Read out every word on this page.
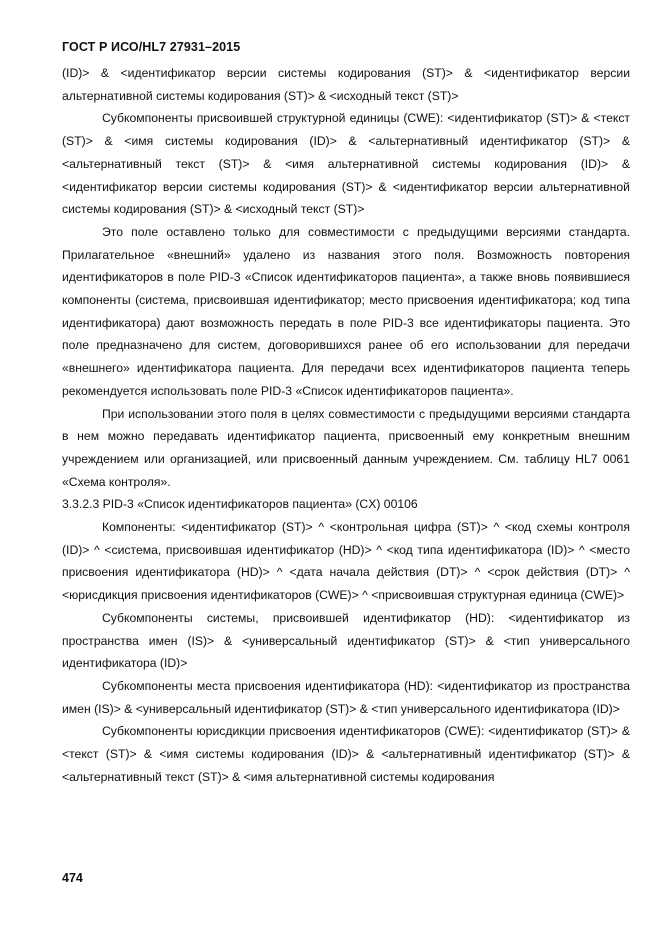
ГОСТ Р ИСО/HL7 27931–2015

(ID)> & <идентификатор версии системы кодирования (ST)> & <идентификатор версии альтернативной системы кодирования (ST)> & <исходный текст (ST)>

Субкомпоненты присвоившей структурной единицы (CWE): <идентификатор (ST)> & <текст (ST)> & <имя системы кодирования (ID)> & <альтернативный идентификатор (ST)> & <альтернативный текст (ST)> & <имя альтернативной системы кодирования (ID)> & <идентификатор версии системы кодирования (ST)> & <идентификатор версии альтернативной системы кодирования (ST)> & <исходный текст (ST)>

Это поле оставлено только для совместимости с предыдущими версиями стандарта. Прилагательное «внешний» удалено из названия этого поля. Возможность повторения идентификаторов в поле PID-3 «Список идентификаторов пациента», а также вновь появившиеся компоненты (система, присвоившая идентификатор; место присвоения идентификатора; код типа идентификатора) дают возможность передать в поле PID-3 все идентификаторы пациента. Это поле предназначено для систем, договорившихся ранее об его использовании для передачи «внешнего» идентификатора пациента. Для передачи всех идентификаторов пациента теперь рекомендуется использовать поле PID-3 «Список идентификаторов пациента».

При использовании этого поля в целях совместимости с предыдущими версиями стандарта в нем можно передавать идентификатор пациента, присвоенный ему конкретным внешним учреждением или организацией, или присвоенный данным учреждением. См. таблицу HL7 0061 «Схема контроля».

3.3.2.3 PID-3 «Список идентификаторов пациента» (CX) 00106

Компоненты: <идентификатор (ST)> ^ <контрольная цифра (ST)> ^ <код схемы контроля (ID)> ^ <система, присвоившая идентификатор (HD)> ^ <код типа идентификатора (ID)> ^ <место присвоения идентификатора (HD)> ^ <дата начала действия (DT)> ^ <срок действия (DT)> ^ <юрисдикция присвоения идентификаторов (CWE)> ^ <присвоившая структурная единица (CWE)>

Субкомпоненты системы, присвоившей идентификатор (HD): <идентификатор из пространства имен (IS)> & <универсальный идентификатор (ST)> & <тип универсального идентификатора (ID)>

Субкомпоненты места присвоения идентификатора (HD): <идентификатор из пространства имен (IS)> & <универсальный идентификатор (ST)> & <тип универсального идентификатора (ID)>

Субкомпоненты юрисдикции присвоения идентификаторов (CWE): <идентификатор (ST)> & <текст (ST)> & <имя системы кодирования (ID)> & <альтернативный идентификатор (ST)> & <альтернативный текст (ST)> & <имя альтернативной системы кодирования

474
